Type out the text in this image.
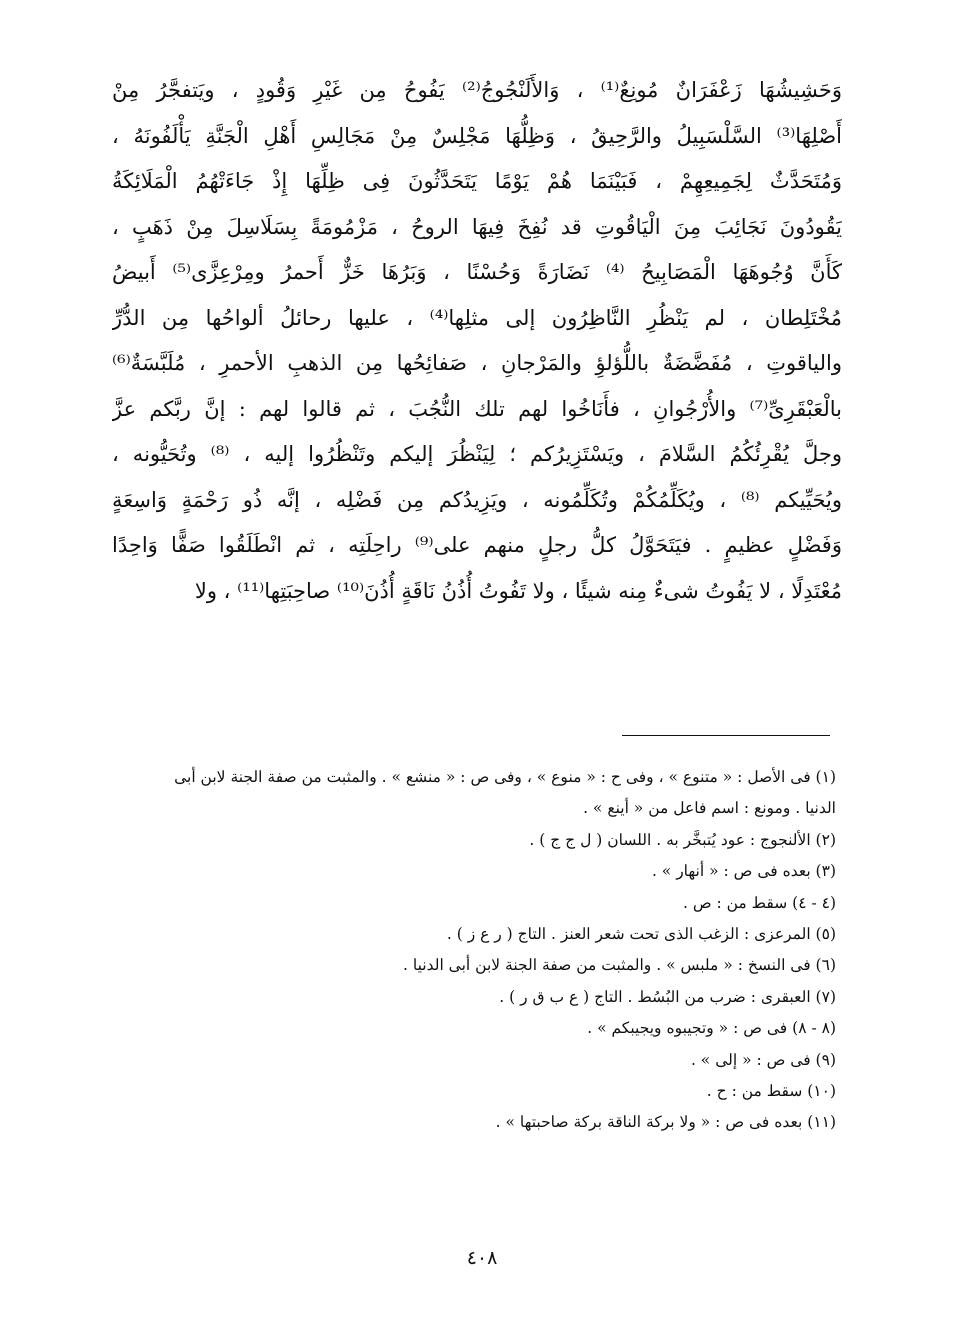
وَحَشِيشُهَا زَعْفَرَانٌ مُونِعٌ⁽¹⁾ ، وَالأَلَنْجُوجُ⁽²⁾ يَفُوحُ مِن غَيْرِ وَقُودٍ ، ويَتفجَّرُ مِنْ
أَصْلِهَا⁽³⁾ السَّلْسَبِيلُ والرَّحِيقُ ، وَظِلُّهَا مَجْلِسٌ مِنْ مَجَالِسِ أَهْلِ الْجَنَّةِ يَأْلَفُونَهُ ،
وَمُتَحَدَّثٌ لِجَمِيعِهِمْ ، فَبَيْنَمَا هُمْ يَوْمًا يَتَحَدَّثُونَ فِى ظِلِّهَا إِذْ جَاءَتْهُمُ الْمَلَائِكَةُ
يَقُودُونَ نَجَائِبَ مِنَ الْيَاقُوتِ قد نُفِخَ فِيهَا الروحُ ، مَزْمُومَةً بِسَلَاسِلَ مِنْ ذَهَبٍ ،
كَأَنَّ وُجُوهَهَا الْمَصَابِيحُ ⁽⁴⁾ نَضَارَةً وَحُسْنًا ، وَبَرُهَا خَزٌّ أَحمرُ ومِرْعِزَّى⁽⁵⁾ أَبيضُ
مُخْتَلِطان ، لم يَنْظُرِ النَّاظِرُون إلى مثلِها⁽⁴⁾ ، عليها رحائلُ ألواحُها مِن الدُّرِّ
والياقوتِ ، مُفَضَّضَةٌ باللُّؤلؤِ والمَرْجانِ ، صَفائِحُها مِن الذهبِ الأحمرِ ، مُلَبَّسَةٌ⁽⁶⁾
بالْعَبْقَرِىِّ⁽⁷⁾ والأُرْجُوانِ ، فأَنَاخُوا لهم تلك النُّجُبَ ، ثم قالوا لهم : إنَّ ربَّكم عزَّ
وجلَّ يُقْرِئُكُمُ السَّلامَ ، ويَسْتَزِيرُكم ؛ لِيَنْظُرَ إليكم وتَنْظُرُوا إليه ، ⁽⁸⁾ وتُحَيُّونه ،
ويُحَيِّيكم ⁽⁸⁾ ، ويُكَلِّمُكُمْ وتُكَلِّمُونه ، ويَزِيدُكم مِن فَضْلِه ، إنَّه ذُو رَحْمَةٍ وَاسِعَةٍ
وَفَضْلٍ عظيمٍ . فيَتَحَوَّلُ كلُّ رجلٍ منهم على⁽⁹⁾ راحِلَتِه ، ثم انْطَلَقُوا صَفًّا وَاحِدًا
مُعْتَدِلًا ، لا يَفُوتُ شىءٌ مِنه شيئًا ، ولا تَفُوتُ أُذُنُ نَاقَةٍ أُذُنَ⁽¹⁰⁾ صاحِبَتِها⁽¹¹⁾ ، ولا
(١) فى الأصل : « متنوع » ، وفى ح : « منوع » ، وفى ص : « منشع » . والمثبت من صفة الجنة لابن أبى
الدنيا . ومونع : اسم فاعل من « أينع » .
(٢) الألنجوج : عود يُتبخَّر به . اللسان ( ل ج ج ) .
(٣) بعده فى ص : « أنهار » .
(٤ - ٤) سقط من : ص .
(٥) المرعزى : الزغب الذى تحت شعر العنز . التاج ( ر ع ز ) .
(٦) فى النسخ : « ملبس » . والمثبت من صفة الجنة لابن أبى الدنيا .
(٧) العبقرى : ضرب من البُسُط . التاج ( ع ب ق ر ) .
(٨ - ٨) فى ص : « وتجيبوه ويجيبكم » .
(٩) فى ص : « إلى » .
(١٠) سقط من : ح .
(١١) بعده فى ص : « ولا بركة الناقة بركة صاحبتها » .
٤٠٨
